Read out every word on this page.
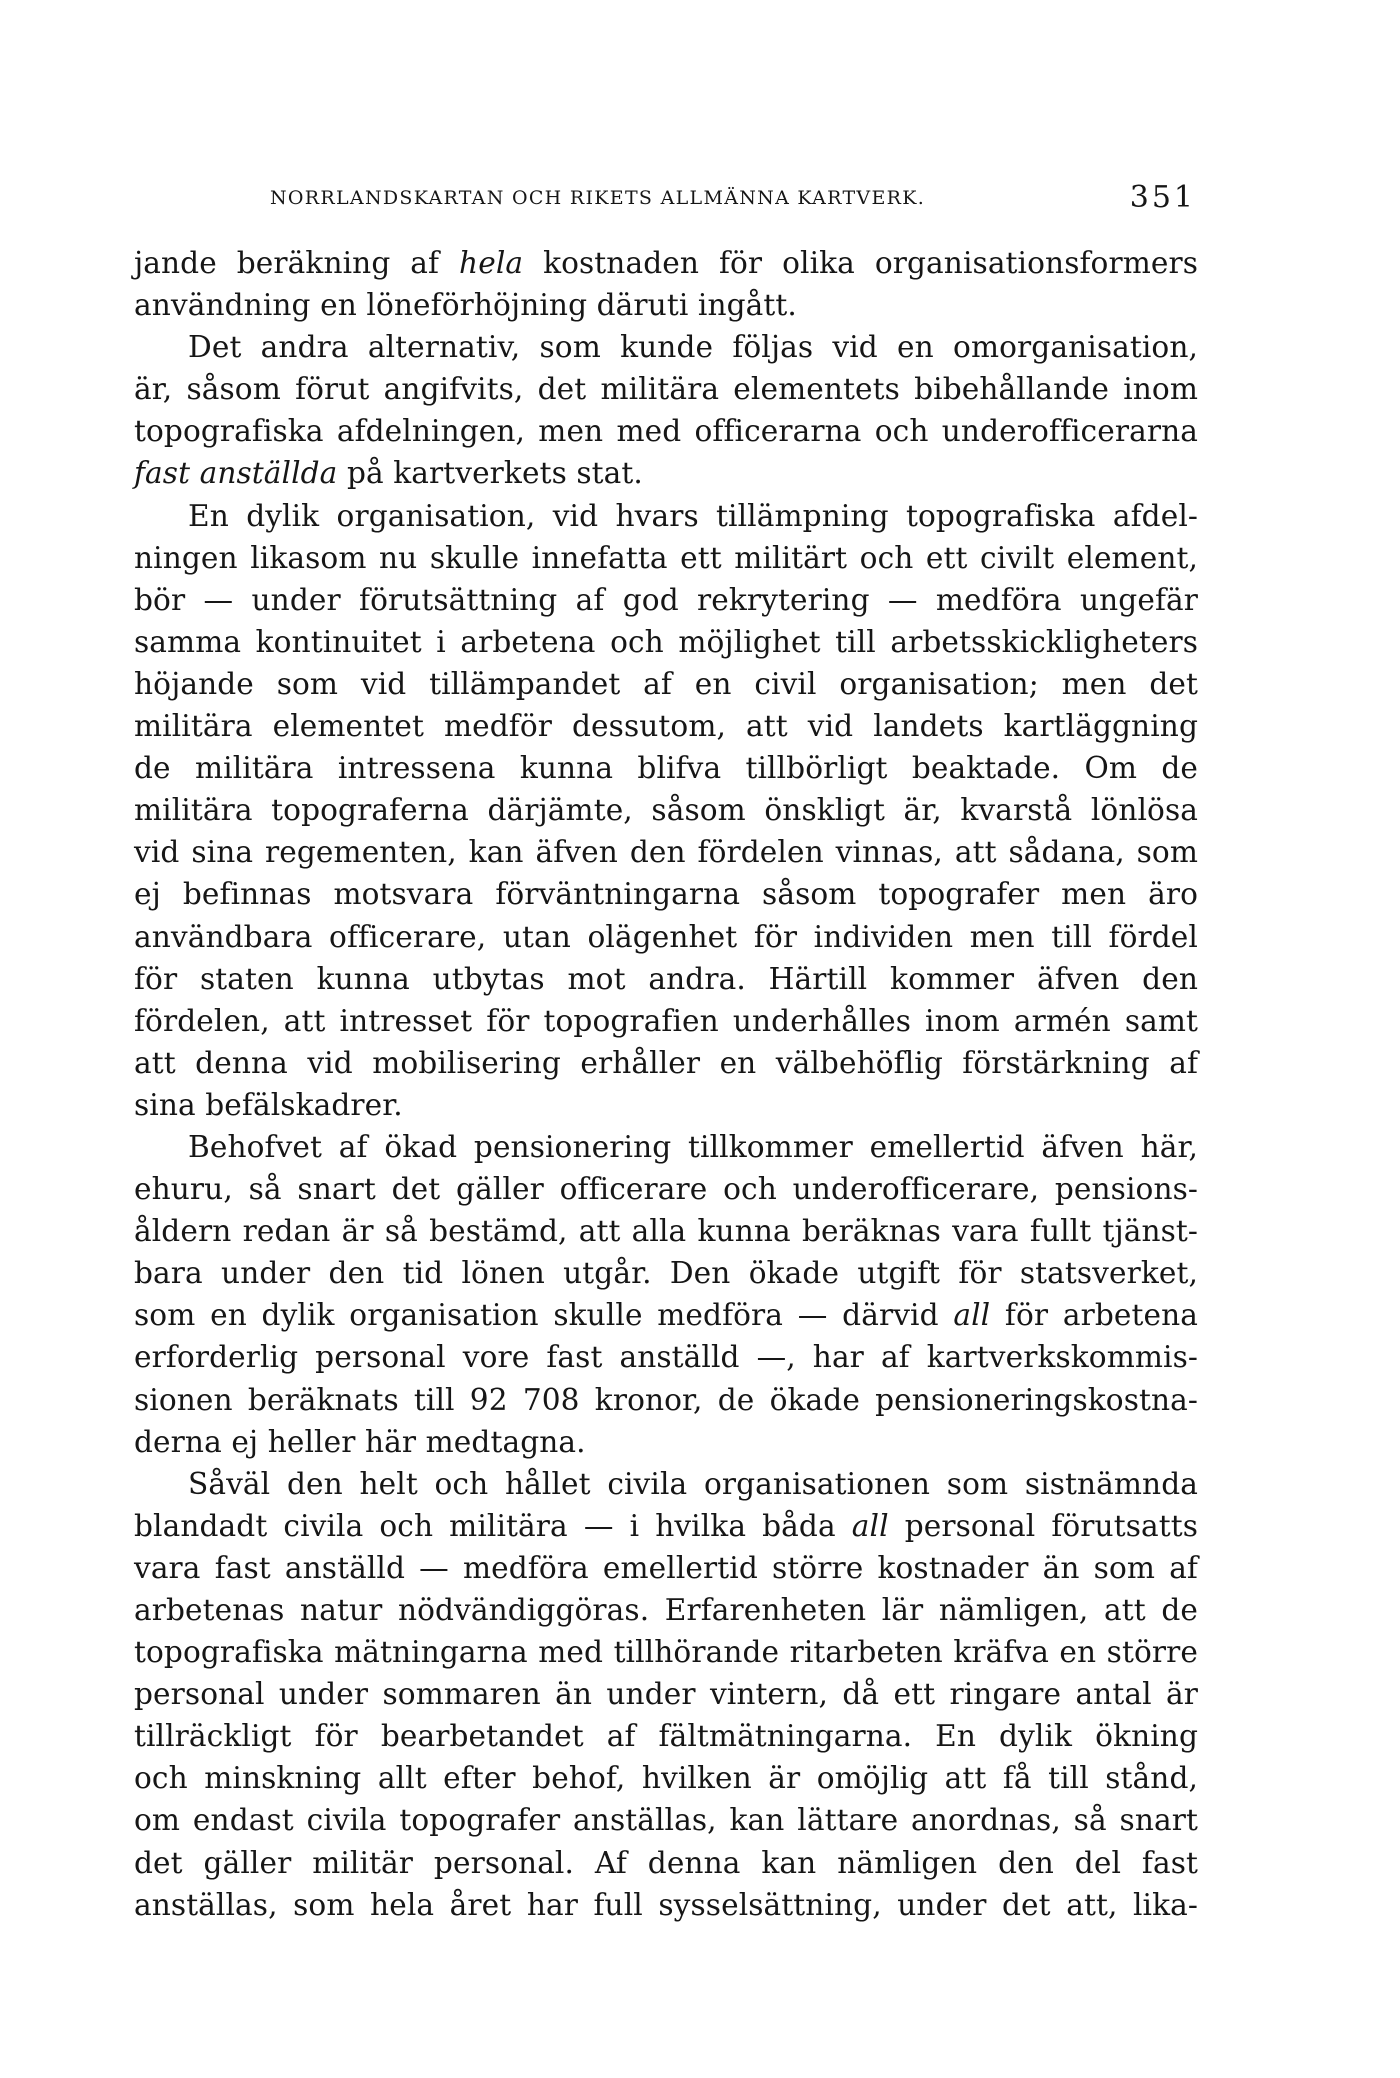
NORRLANDSKARTAN OCH RIKETS ALLMÄNNA KARTVERK.	351
jande beräkning af hela kostnaden för olika organisationsformers
användning en löneförhöjning däruti ingått.
Det andra alternativ, som kunde följas vid en omorganisation,
är, såsom förut angifvits, det militära elementets bibehållande inom
topografiska afdelningen, men med officerarna och underofficerarna
fast anställda på kartverkets stat.
En dylik organisation, vid hvars tillämpning topografiska afdel-
ningen likasom nu skulle innefatta ett militärt och ett civilt element,
bör — under förutsättning af god rekrytering — medföra ungefär
samma kontinuitet i arbetena och möjlighet till arbetsskickligheters
höjande som vid tillämpandet af en civil organisation; men det
militära elementet medför dessutom, att vid landets kartläggning
de militära intressena kunna blifva tillbörligt beaktade. Om de
militära topograferna därjämte, såsom önskligt är, kvarstå lönlösa
vid sina regementen, kan äfven den fördelen vinnas, att sådana, som
ej befinnas motsvara förväntningarna såsom topografer men äro
användbara officerare, utan olägenhet för individen men till fördel
för staten kunna utbytas mot andra. Härtill kommer äfven den
fördelen, att intresset för topografien underhålles inom armén samt
att denna vid mobilisering erhåller en välbehöflig förstärkning af
sina befälskadrer.
Behofvet af ökad pensionering tillkommer emellertid äfven här,
ehuru, så snart det gäller officerare och underofficerare, pensions-
åldern redan är så bestämd, att alla kunna beräknas vara fullt tjänst-
bara under den tid lönen utgår. Den ökade utgift för statsverket,
som en dylik organisation skulle medföra — därvid all för arbetena
erforderlig personal vore fast anställd —, har af kartverkskommis-
sionen beräknats till 92 708 kronor, de ökade pensioneringskostna-
derna ej heller här medtagna.
Såväl den helt och hållet civila organisationen som sistnämnda
blandadt civila och militära — i hvilka båda all personal förutsatts
vara fast anställd — medföra emellertid större kostnader än som af
arbetenas natur nödvändiggöras. Erfarenheten lär nämligen, att de
topografiska mätningarna med tillhörande ritarbeten kräfva en större
personal under sommaren än under vintern, då ett ringare antal är
tillräckligt för bearbetandet af fältmätningarna. En dylik ökning
och minskning allt efter behof, hvilken är omöjlig att få till stånd,
om endast civila topografer anställas, kan lättare anordnas, så snart
det gäller militär personal. Af denna kan nämligen den del fast
anställas, som hela året har full sysselsättning, under det att, lika-
